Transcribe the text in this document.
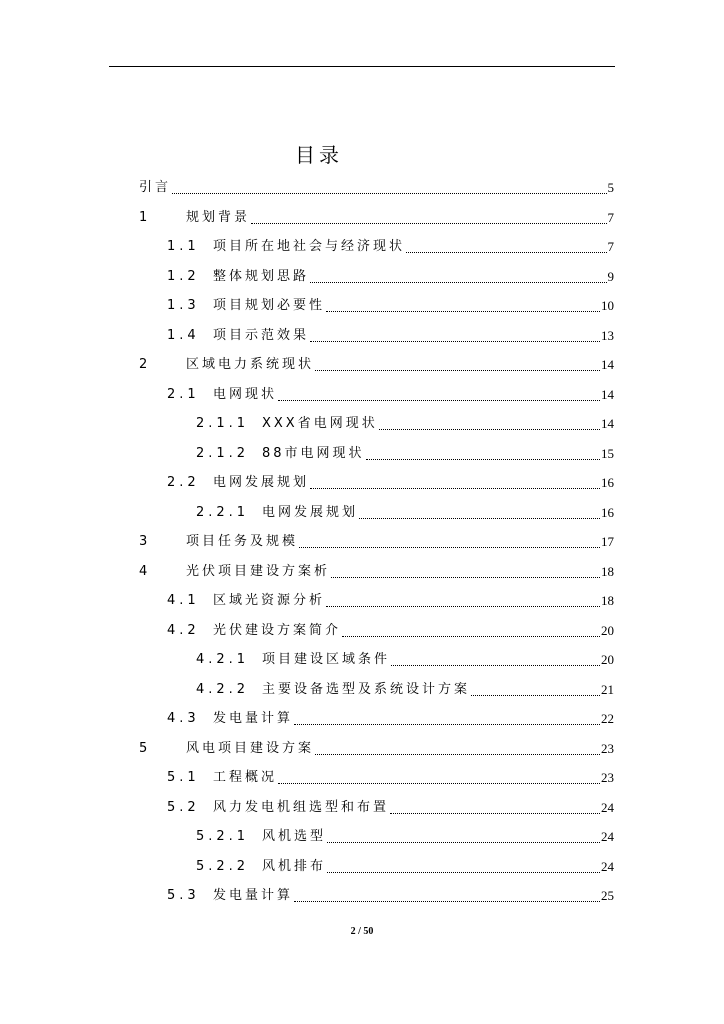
目录
引言	5
1	规划背景	7
1.1	项目所在地社会与经济现状	7
1.2	整体规划思路	9
1.3	项目规划必要性	10
1.4	项目示范效果	13
2	区域电力系统现状	14
2.1	电网现状	14
2.1.1 XXX省电网现状	14
2.1.2 88市电网现状	15
2.2	电网发展规划	16
2.2.1 电网发展规划	16
3	项目任务及规模	17
4	光伏项目建设方案析	18
4.1	区域光资源分析	18
4.2	光伏建设方案简介	20
4.2.1 项目建设区域条件	20
4.2.2 主要设备选型及系统设计方案	21
4.3	发电量计算	22
5	风电项目建设方案	23
5.1	工程概况	23
5.2	风力发电机组选型和布置	24
5.2.1 风机选型	24
5.2.2 风机排布	24
5.3	发电量计算	25
2 / 50
